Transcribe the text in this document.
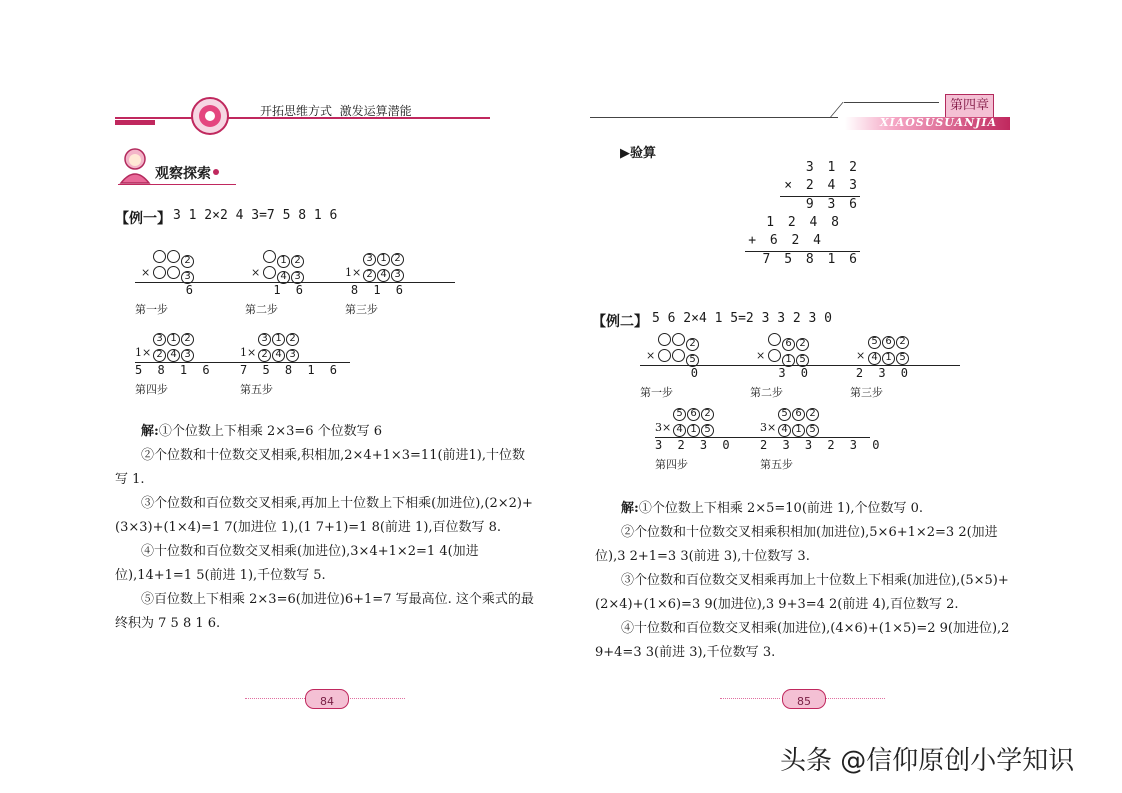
开拓思维方式  激发运算潜能
观察探索
【例一】 3 1 2×2 4 3=7 5 8 1 6
2
×	3
6
第一步
1 2
× 4 3
1 6
第二步
3 1 2
1× 2 4 3
8 1 6
第三步
3 1 2
1× 2 4 3
5 8 1 6
第四步
3 1 2
1× 2 4 3
7 5 8 1 6
第五步

解:①个位数上下相乘 2×3=6 个位数写 6

②个位数和十位数交叉相乘,积相加,2×4+1×3=11(前进1),十位数写 1.

③个位数和百位数交叉相乘,再加上十位数上下相乘(加进位),(2×2)+(3×3)+(1×4)=1 7(加进位 1),(1 7+1)=1 8(前进 1),百位数写 8.

④十位数和百位数交叉相乘(加进位),3×4+1×2=1 4(加进位),14+1=1 5(前进 1),千位数写 5.

⑤百位数上下相乘 2×3=6(加进位)6+1=7 写最高位. 这个乘式的最终积为 7 5 8 1 6.

84
第四章
XIAOSUSUANJIA
▶验算
3 1 2
× 2 4 3
9 3 6
1 2 4 8
+ 6 2 4
7 5 8 1 6
【例二】 5 6 2×4 1 5=2 3 3 2 3 0
2
×	5
0
第一步
6 2
× 1 5
3 0
第二步
5 6 2
× 4 1 5
2 3 0
第三步
5 6 2
3× 4 1 5
3 2 3 0
第四步
5 6 2
3× 4 1 5
2 3 3 2 3 0
第五步

解:①个位数上下相乘 2×5=10(前进 1),个位数写 0.

②个位数和十位数交叉相乘积相加(加进位),5×6+1×2=3 2(加进位),3 2+1=3 3(前进 3),十位数写 3.

③个位数和百位数交叉相乘再加上十位数上下相乘(加进位),(5×5)+(2×4)+(1×6)=3 9(加进位),3 9+3=4 2(前进 4),百位数写 2.

④十位数和百位数交叉相乘(加进位),(4×6)+(1×5)=2 9(加进位),2 9+4=3 3(前进 3),千位数写 3.

85
头条 @信仰原创小学知识
